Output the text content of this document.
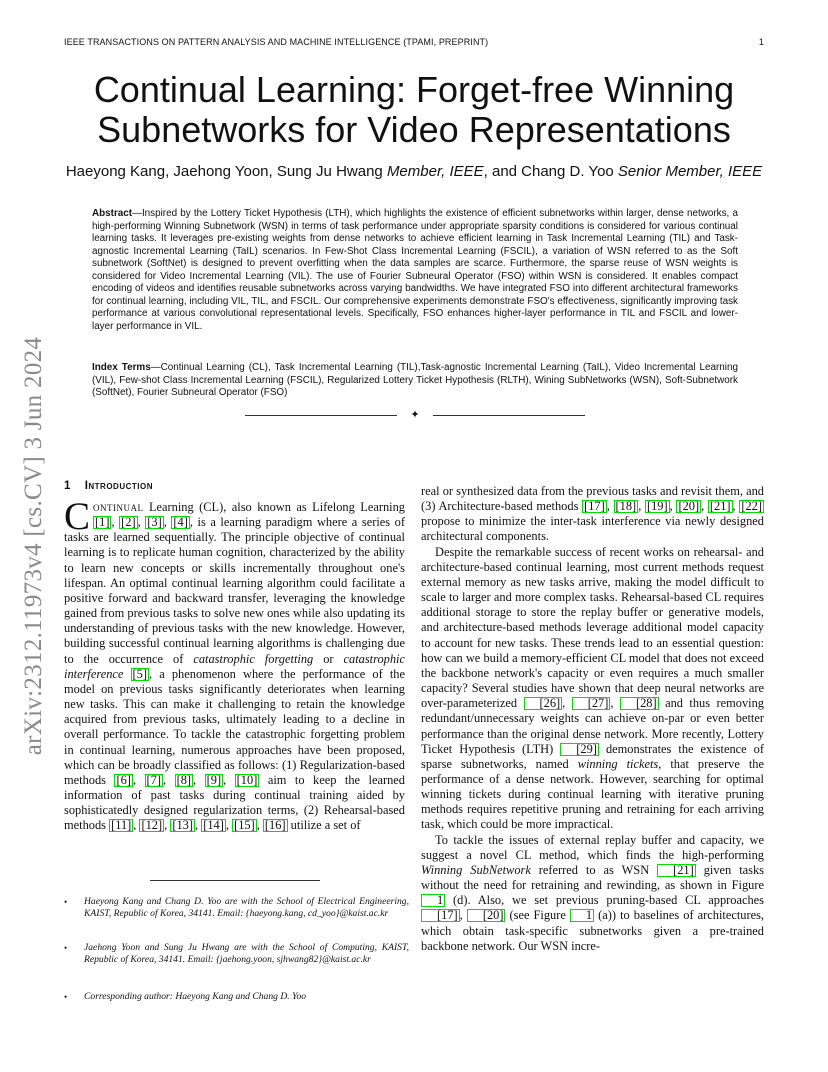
IEEE TRANSACTIONS ON PATTERN ANALYSIS AND MACHINE INTELLIGENCE (TPAMI, PREPRINT)	1
arXiv:2312.11973v4 [cs.CV] 3 Jun 2024
Continual Learning: Forget-free Winning
Subnetworks for Video Representations
Haeyong Kang, Jaehong Yoon, Sung Ju Hwang Member, IEEE, and Chang D. Yoo Senior Member, IEEE
Abstract—Inspired by the Lottery Ticket Hypothesis (LTH), which highlights the existence of efficient subnetworks within larger, dense networks, a high-performing Winning Subnetwork (WSN) in terms of task performance under appropriate sparsity conditions is considered for various continual learning tasks. It leverages pre-existing weights from dense networks to achieve efficient learning in Task Incremental Learning (TIL) and Task-agnostic Incremental Learning (TaIL) scenarios. In Few-Shot Class Incremental Learning (FSCIL), a variation of WSN referred to as the Soft subnetwork (SoftNet) is designed to prevent overfitting when the data samples are scarce. Furthermore, the sparse reuse of WSN weights is considered for Video Incremental Learning (VIL). The use of Fourier Subneural Operator (FSO) within WSN is considered. It enables compact encoding of videos and identifies reusable subnetworks across varying bandwidths. We have integrated FSO into different architectural frameworks for continual learning, including VIL, TIL, and FSCIL. Our comprehensive experiments demonstrate FSO's effectiveness, significantly improving task performance at various convolutional representational levels. Specifically, FSO enhances higher-layer performance in TIL and FSCIL and lower-layer performance in VIL.
Index Terms—Continual Learning (CL), Task Incremental Learning (TIL),Task-agnostic Incremental Learning (TaIL), Video Incremental Learning (VIL), Few-shot Class Incremental Learning (FSCIL), Regularized Lottery Ticket Hypothesis (RLTH), Wining SubNetworks (WSN), Soft-Subnetwork (SoftNet), Fourier Subneural Operator (FSO)
✦
1 Introduction

Continual Learning (CL), also known as Lifelong Learning [1] , [2] , [3] , [4] , is a learning paradigm where a series of tasks are learned sequentially. The principle objective of continual learning is to replicate human cognition, characterized by the ability to learn new concepts or skills incrementally throughout one's lifespan. An optimal continual learning algorithm could facilitate a positive forward and backward transfer, leveraging the knowledge gained from previous tasks to solve new ones while also updating its understanding of previous tasks with the new knowledge. However, building successful continual learning algorithms is challenging due to the occurrence of catastrophic forgetting or catastrophic interference [5] , a phenomenon where the performance of the model on previous tasks significantly deteriorates when learning new tasks. This can make it challenging to retain the knowledge acquired from previous tasks, ultimately leading to a decline in overall performance. To tackle the catastrophic forgetting problem in continual learning, numerous approaches have been proposed, which can be broadly classified as follows: (1) Regularization-based methods [6] , [7] , [8] , [9] , [10] aim to keep the learned information of past tasks during continual training aided by sophisticatedly designed regularization terms, (2) Rehearsal-based methods [11] , [12] , [13] , [14] , [15] , [16] utilize a set of

real or synthesized data from the previous tasks and revisit them, and (3) Architecture-based methods [17] , [18] , [19] , [20] , [21] , [22] propose to minimize the inter-task interference via newly designed architectural components.

Despite the remarkable success of recent works on rehearsal- and architecture-based continual learning, most current methods request external memory as new tasks arrive, making the model difficult to scale to larger and more complex tasks. Rehearsal-based CL requires additional storage to store the replay buffer or generative models, and architecture-based methods leverage additional model capacity to account for new tasks. These trends lead to an essential question: how can we build a memory-efficient CL model that does not exceed the backbone network's capacity or even requires a much smaller capacity? Several studies have shown that deep neural networks are over-parameterized [26] , [27] , [28] and thus removing redundant/unnecessary weights can achieve on-par or even better performance than the original dense network. More recently, Lottery Ticket Hypothesis (LTH) [29] demonstrates the existence of sparse subnetworks, named winning tickets, that preserve the performance of a dense network. However, searching for optimal winning tickets during continual learning with iterative pruning methods requires repetitive pruning and retraining for each arriving task, which could be more impractical.

To tackle the issues of external replay buffer and capacity, we suggest a novel CL method, which finds the high-performing Winning SubNetwork referred to as WSN [21] given tasks without the need for retraining and rewinding, as shown in Figure 1 (d). Also, we set previous pruning-based CL approaches [17] , [20] (see Figure 1 (a)) to baselines of architectures, which obtain task-specific subnetworks given a pre-trained backbone network. Our WSN incre-

• Haeyong Kang and Chang D. Yoo are with the School of Electrical Engineering, KAIST, Republic of Korea, 34141. Email: {haeyong.kang, cd_yoo}@kaist.ac.kr
• Jaehong Yoon and Sung Ju Hwang are with the School of Computing, KAIST, Republic of Korea, 34141. Email: {jaehong.yoon, sjhwang82}@kaist.ac.kr
• Corresponding author: Haeyong Kang and Chang D. Yoo
